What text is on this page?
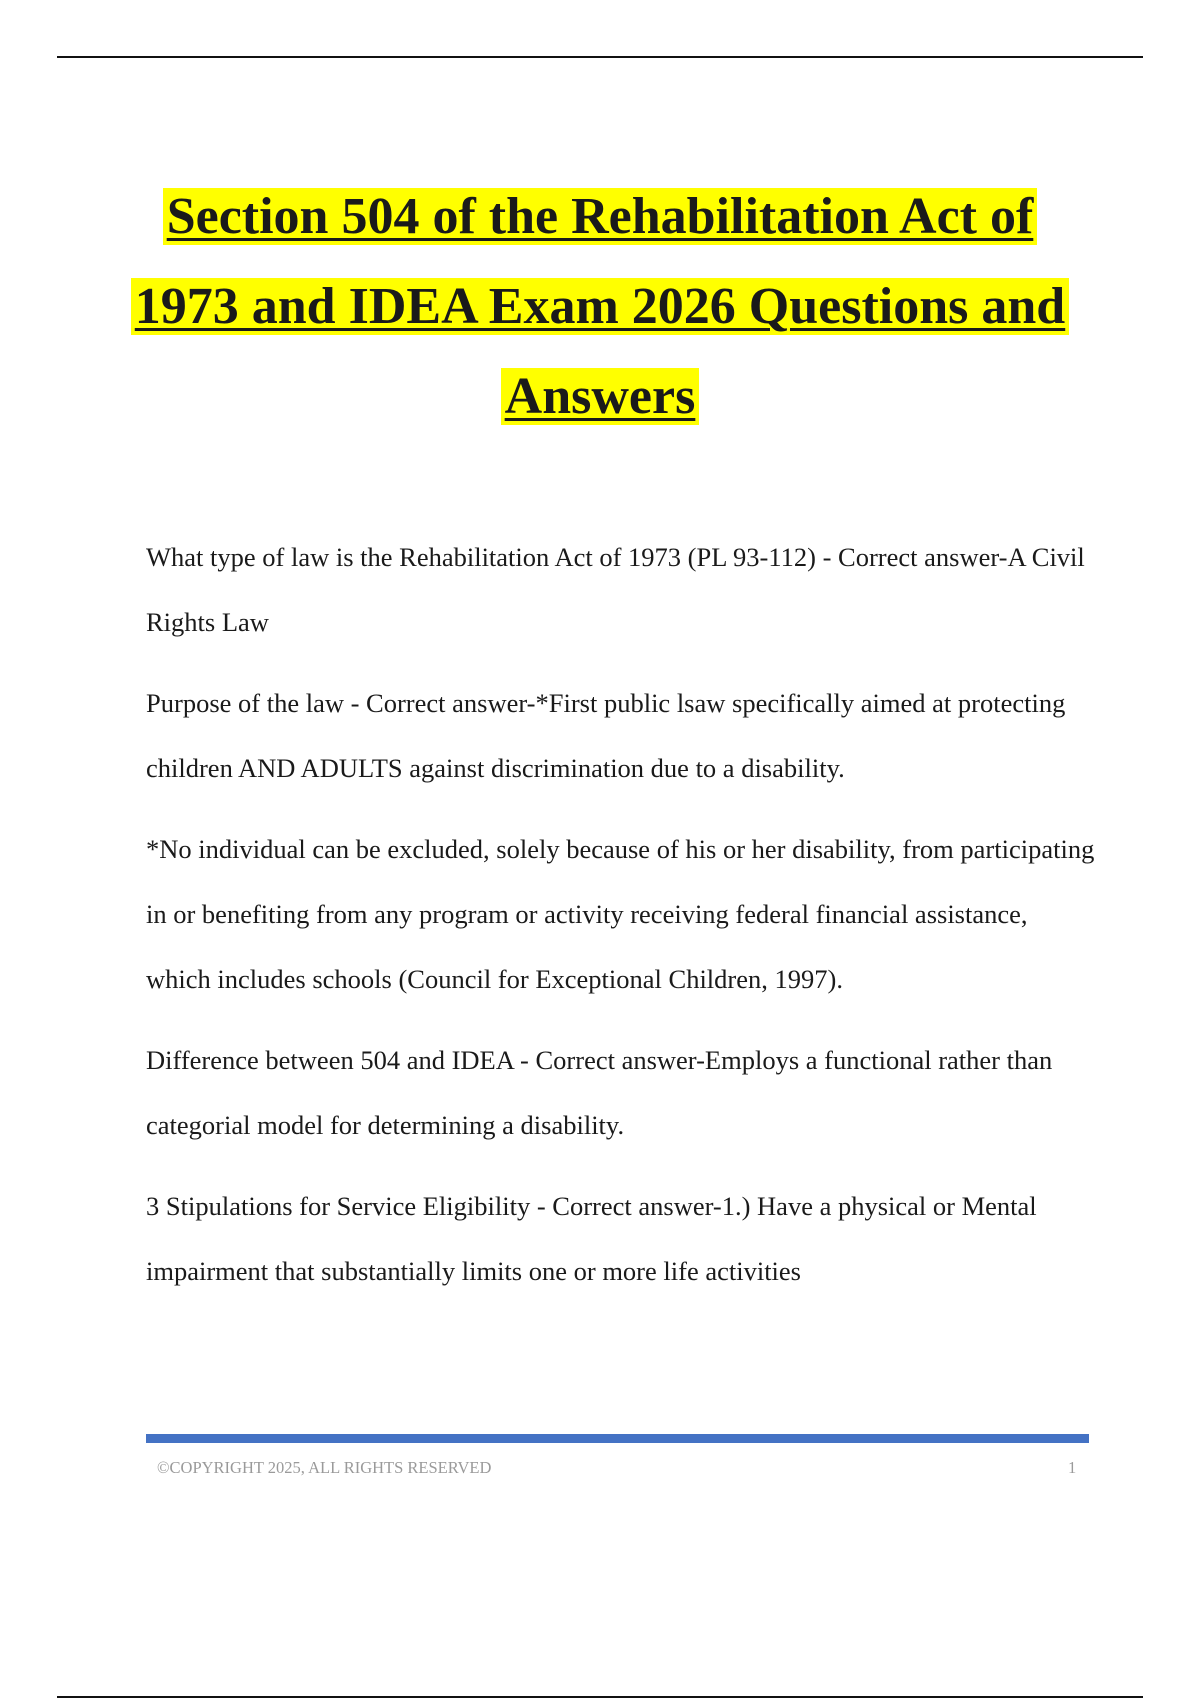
Section 504 of the Rehabilitation Act of
1973 and IDEA Exam 2026 Questions and
Answers

What type of law is the Rehabilitation Act of 1973 (PL 93-112) - Correct answer-A Civil Rights Law

Purpose of the law - Correct answer-*First public lsaw specifically aimed at protecting children AND ADULTS against discrimination due to a disability.

*No individual can be excluded, solely because of his or her disability, from participating in or benefiting from any program or activity receiving federal financial assistance, which includes schools (Council for Exceptional Children, 1997).

Difference between 504 and IDEA - Correct answer-Employs a functional rather than categorial model for determining a disability.

3 Stipulations for Service Eligibility - Correct answer-1.) Have a physical or Mental impairment that substantially limits one or more life activities

©COPYRIGHT 2025, ALL RIGHTS RESERVED	1
